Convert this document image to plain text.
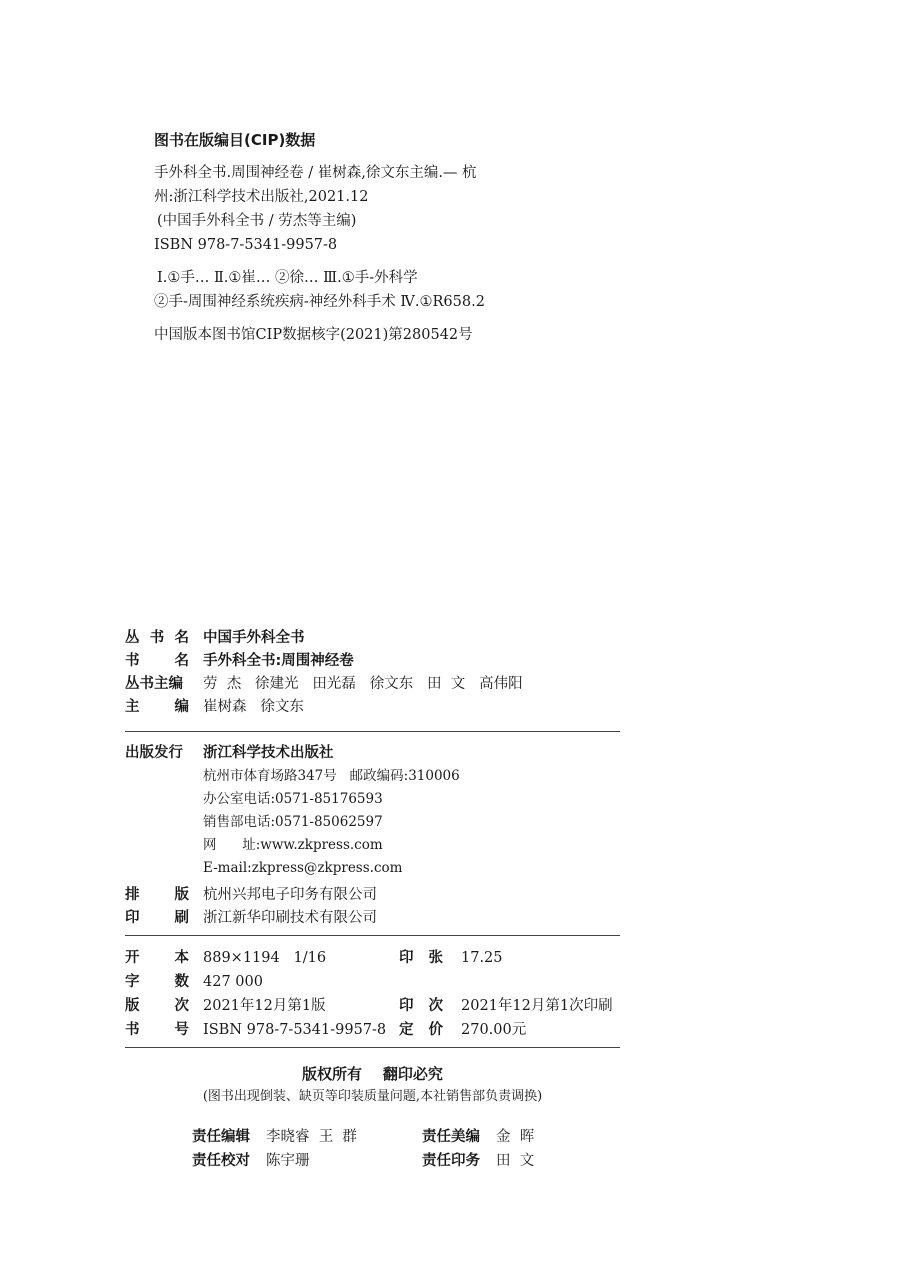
图书在版编目(CIP)数据
手外科全书.周围神经卷 / 崔树森,徐文东主编.— 杭
州:浙江科学技术出版社,2021.12
(中国手外科全书 / 劳杰等主编)
ISBN 978-7-5341-9957-8
Ⅰ.①手… Ⅱ.①崔… ②徐… Ⅲ.①手-外科学
②手-周围神经系统疾病-神经外科手术 Ⅳ.①R658.2
中国版本图书馆CIP数据核字(2021)第280542号
丛 书 名 中国手外科全书
书 名 手外科全书:周围神经卷
丛书主编	劳  杰   徐建光   田光磊   徐文东   田  文   高伟阳
主 编 崔树森   徐文东
出版发行	浙江科学技术出版社
杭州市体育场路347号   邮政编码:310006
办公室电话:0571-85176593
销售部电话:0571-85062597
网      址:www.zkpress.com
E-mail:zkpress@zkpress.com
排 版 杭州兴邦电子印务有限公司
印 刷 浙江新华印刷技术有限公司
开 本 889×1194   1/16	印 张	17.25
字 数 427 000
版 次 2021年12月第1版	印 次	2021年12月第1次印刷
书 号 ISBN 978-7-5341-9957-8 定 价	270.00元
版权所有    翻印必究
(图书出现倒装、缺页等印装质量问题,本社销售部负责调换)
责任编辑	李晓睿  王  群	责任美编	金  晖
责任校对	陈宇珊	责任印务	田  文
